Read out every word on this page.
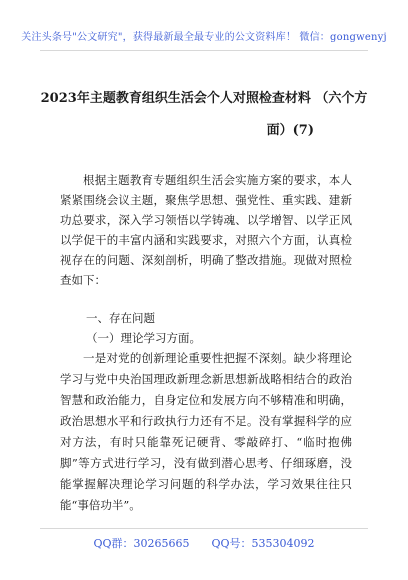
关注头条号"公文研究"，获得最新最全最专业的公文资料库！ 微信：gongwenyj
2023年主题教育组织生活会个人对照检查材料 （六个方
面）(7)
根据主题教育专题组织生活会实施方案的要求，本人紧紧围绕会议主题，聚焦学思想、强党性、重实践、建新功总要求，深入学习领悟以学铸魂、以学增智、以学正风以学促干的丰富内涵和实践要求，对照六个方面，认真检视存在的问题、深刻剖析，明确了整改措施。现做对照检查如下：
一、存在问题
（一）理论学习方面。
一是对党的创新理论重要性把握不深刻。缺少将理论学习与党中央治国理政新理念新思想新战略相结合的政治智慧和政治能力，自身定位和发展方向不够精准和明确，政治思想水平和行政执行力还有不足。没有掌握科学的应对方法，有时只能靠死记硬背、零敲碎打、“临时抱佛脚”等方式进行学习，没有做到潜心思考、仔细琢磨，没能掌握解决理论学习问题的科学办法，学习效果往往只能“事倍功半”。
QQ群：30265665 QQ号：535304092
